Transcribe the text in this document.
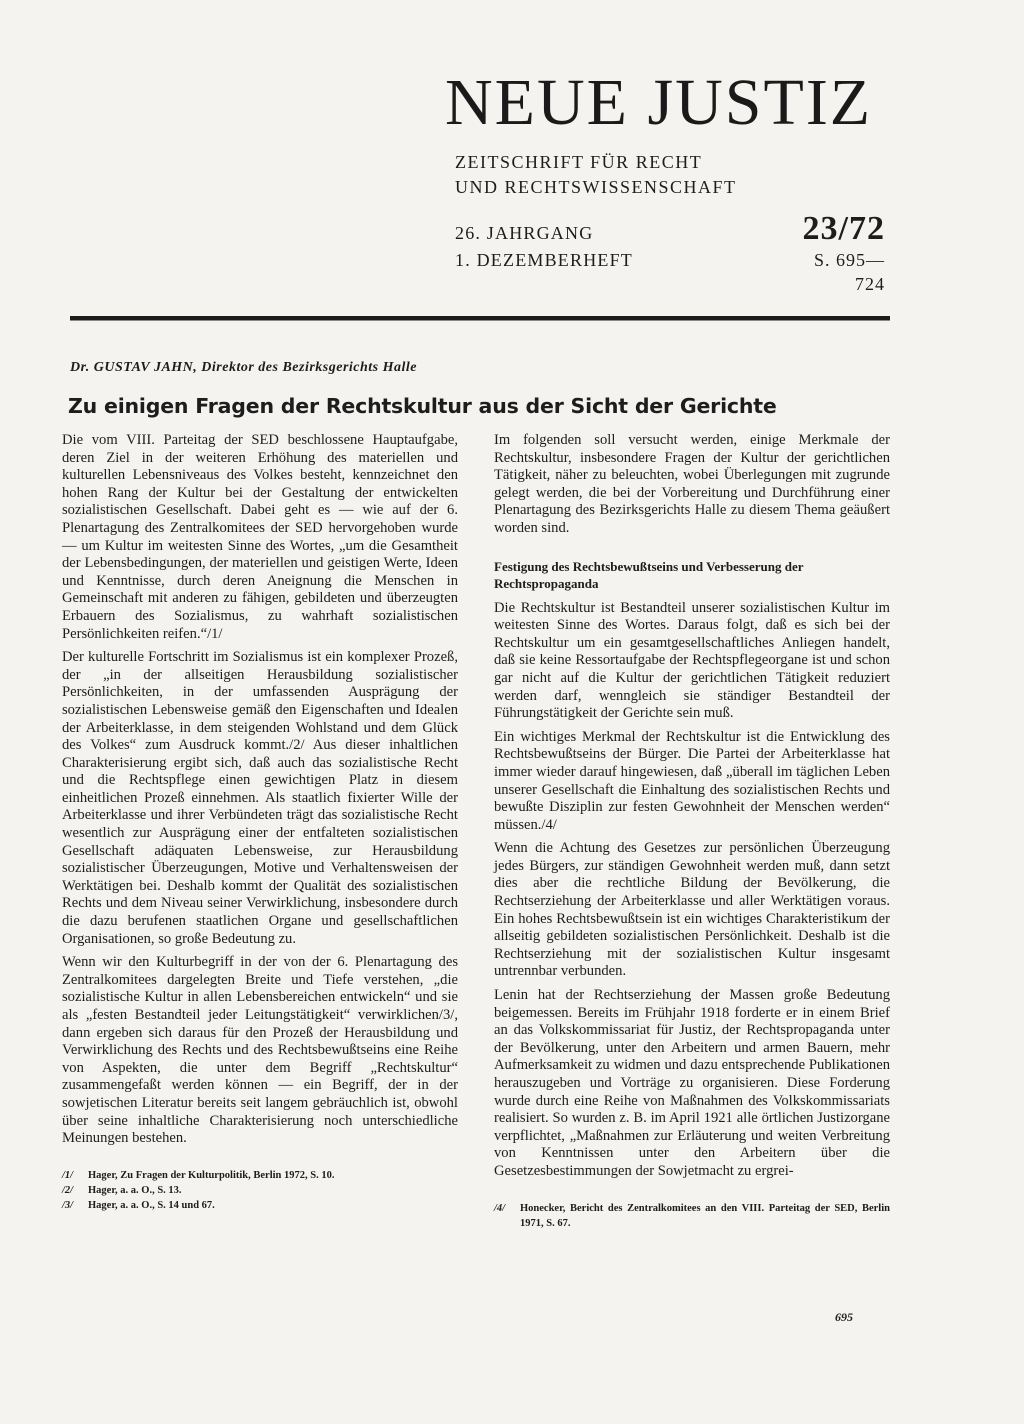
NEUE JUSTIZ
ZEITSCHRIFT FÜR RECHT
UND RECHTSWISSENSCHAFT
26. JAHRGANG
1. DEZEMBERHEFT
23/72
S. 695—724
Dr. GUSTAV JAHN, Direktor des Bezirksgerichts Halle
Zu einigen Fragen der Rechtskultur aus der Sicht der Gerichte

Die vom VIII. Parteitag der SED beschlossene Hauptaufgabe, deren Ziel in der weiteren Erhöhung des materiellen und kulturellen Lebensniveaus des Volkes besteht, kennzeichnet den hohen Rang der Kultur bei der Gestaltung der entwickelten sozialistischen Gesellschaft. Dabei geht es — wie auf der 6. Plenartagung des Zentralkomitees der SED hervorgehoben wurde — um Kultur im weitesten Sinne des Wortes, „um die Gesamtheit der Lebensbedingungen, der materiellen und geistigen Werte, Ideen und Kenntnisse, durch deren Aneignung die Menschen in Gemeinschaft mit anderen zu fähigen, gebildeten und überzeugten Erbauern des Sozialismus, zu wahrhaft sozialistischen Persönlichkeiten reifen.“/1/

Der kulturelle Fortschritt im Sozialismus ist ein komplexer Prozeß, der „in der allseitigen Herausbildung sozialistischer Persönlichkeiten, in der umfassenden Ausprägung der sozialistischen Lebensweise gemäß den Eigenschaften und Idealen der Arbeiterklasse, in dem steigenden Wohlstand und dem Glück des Volkes“ zum Ausdruck kommt./2/ Aus dieser inhaltlichen Charakterisierung ergibt sich, daß auch das sozialistische Recht und die Rechtspflege einen gewichtigen Platz in diesem einheitlichen Prozeß einnehmen. Als staatlich fixierter Wille der Arbeiterklasse und ihrer Verbündeten trägt das sozialistische Recht wesentlich zur Ausprägung einer der entfalteten sozialistischen Gesellschaft adäquaten Lebensweise, zur Herausbildung sozialistischer Überzeugungen, Motive und Verhaltensweisen der Werktätigen bei. Deshalb kommt der Qualität des sozialistischen Rechts und dem Niveau seiner Verwirklichung, insbesondere durch die dazu berufenen staatlichen Organe und gesellschaftlichen Organisationen, so große Bedeutung zu.

Wenn wir den Kulturbegriff in der von der 6. Plenartagung des Zentralkomitees dargelegten Breite und Tiefe verstehen, „die sozialistische Kultur in allen Lebensbereichen entwickeln“ und sie als „festen Bestandteil jeder Leitungstätigkeit“ verwirklichen/3/, dann ergeben sich daraus für den Prozeß der Herausbildung und Verwirklichung des Rechts und des Rechtsbewußtseins eine Reihe von Aspekten, die unter dem Begriff „Rechtskultur“ zusammengefaßt werden können — ein Begriff, der in der sowjetischen Literatur bereits seit langem gebräuchlich ist, obwohl über seine inhaltliche Charakterisierung noch unterschiedliche Meinungen bestehen.

/1/	Hager, Zu Fragen der Kulturpolitik, Berlin 1972, S. 10.
/2/	Hager, a. a. O., S. 13.
/3/	Hager, a. a. O., S. 14 und 67.

Im folgenden soll versucht werden, einige Merkmale der Rechtskultur, insbesondere Fragen der Kultur der gerichtlichen Tätigkeit, näher zu beleuchten, wobei Überlegungen mit zugrunde gelegt werden, die bei der Vorbereitung und Durchführung einer Plenartagung des Bezirksgerichts Halle zu diesem Thema geäußert worden sind.

Festigung des Rechtsbewußtseins und Verbesserung der Rechtspropaganda

Die Rechtskultur ist Bestandteil unserer sozialistischen Kultur im weitesten Sinne des Wortes. Daraus folgt, daß es sich bei der Rechtskultur um ein gesamtgesellschaftliches Anliegen handelt, daß sie keine Ressortaufgabe der Rechtspflegeorgane ist und schon gar nicht auf die Kultur der gerichtlichen Tätigkeit reduziert werden darf, wenngleich sie ständiger Bestandteil der Führungstätigkeit der Gerichte sein muß.

Ein wichtiges Merkmal der Rechtskultur ist die Entwicklung des Rechtsbewußtseins der Bürger. Die Partei der Arbeiterklasse hat immer wieder darauf hingewiesen, daß „überall im täglichen Leben unserer Gesellschaft die Einhaltung des sozialistischen Rechts und bewußte Disziplin zur festen Gewohnheit der Menschen werden“ müssen./4/

Wenn die Achtung des Gesetzes zur persönlichen Überzeugung jedes Bürgers, zur ständigen Gewohnheit werden muß, dann setzt dies aber die rechtliche Bildung der Bevölkerung, die Rechtserziehung der Arbeiterklasse und aller Werktätigen voraus. Ein hohes Rechtsbewußtsein ist ein wichtiges Charakteristikum der allseitig gebildeten sozialistischen Persönlichkeit. Deshalb ist die Rechtserziehung mit der sozialistischen Kultur insgesamt untrennbar verbunden.

Lenin hat der Rechtserziehung der Massen große Bedeutung beigemessen. Bereits im Frühjahr 1918 forderte er in einem Brief an das Volkskommissariat für Justiz, der Rechtspropaganda unter der Bevölkerung, unter den Arbeitern und armen Bauern, mehr Aufmerksamkeit zu widmen und dazu entsprechende Publikationen herauszugeben und Vorträge zu organisieren. Diese Forderung wurde durch eine Reihe von Maßnahmen des Volkskommissariats realisiert. So wurden z. B. im April 1921 alle örtlichen Justizorgane verpflichtet, „Maßnahmen zur Erläuterung und weiten Verbreitung von Kenntnissen unter den Arbeitern über die Gesetzesbestimmungen der Sowjetmacht zu ergrei-

/4/	Honecker, Bericht des Zentralkomitees an den VIII. Parteitag der SED, Berlin 1971, S. 67.
695
